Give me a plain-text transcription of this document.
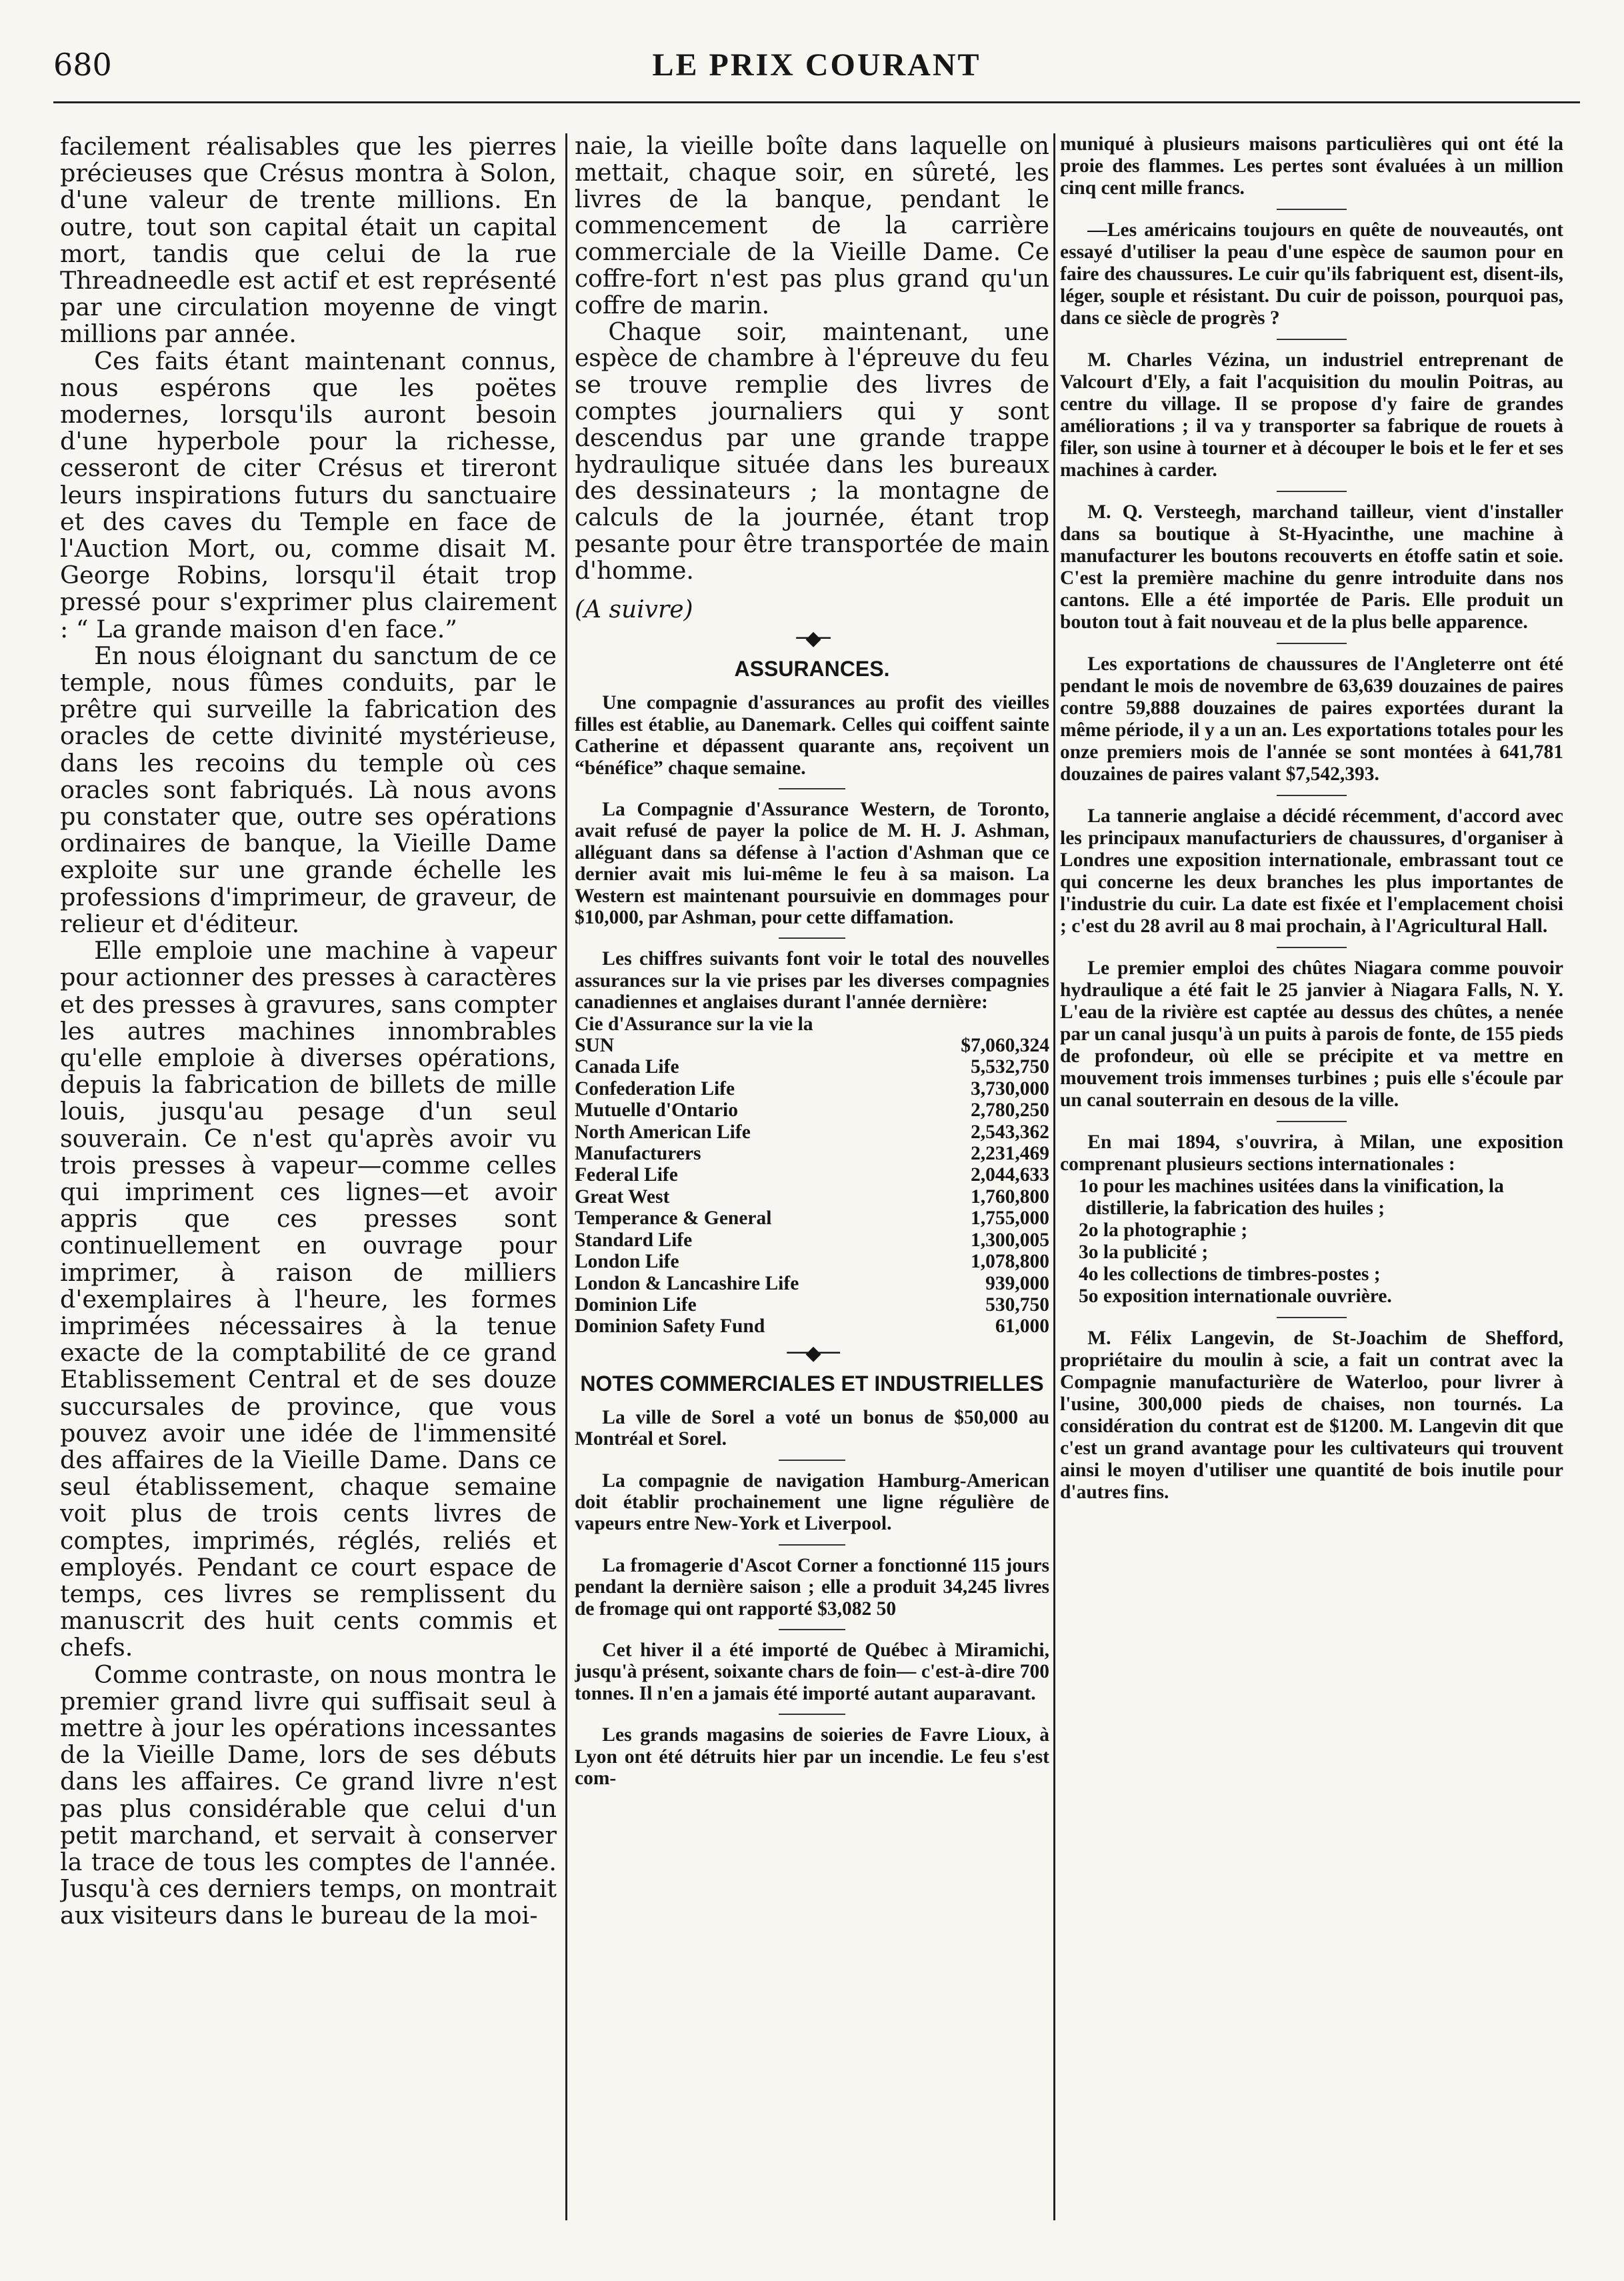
680	LE PRIX COURANT

facilement réalisables que les pierres précieuses que Crésus montra à Solon, d'une valeur de trente millions. En outre, tout son capital était un capital mort, tandis que celui de la rue Threadneedle est actif et est représenté par une circulation moyenne de vingt millions par année.

Ces faits étant maintenant connus, nous espérons que les poëtes modernes, lorsqu'ils auront besoin d'une hyperbole pour la richesse, cesseront de citer Crésus et tireront leurs inspirations futurs du sanctuaire et des caves du Temple en face de l'Auction Mort, ou, comme disait M. George Robins, lorsqu'il était trop pressé pour s'exprimer plus clairement : “ La grande maison d'en face.”

En nous éloignant du sanctum de ce temple, nous fûmes conduits, par le prêtre qui surveille la fabrication des oracles de cette divinité mystérieuse, dans les recoins du temple où ces oracles sont fabriqués. Là nous avons pu constater que, outre ses opérations ordinaires de banque, la Vieille Dame exploite sur une grande échelle les professions d'imprimeur, de graveur, de relieur et d'éditeur.

Elle emploie une machine à vapeur pour actionner des presses à caractères et des presses à gravures, sans compter les autres machines innombrables qu'elle emploie à diverses opérations, depuis la fabrication de billets de mille louis, jusqu'au pesage d'un seul souverain. Ce n'est qu'après avoir vu trois presses à vapeur—comme celles qui impriment ces lignes—et avoir appris que ces presses sont continuellement en ouvrage pour imprimer, à raison de milliers d'exemplaires à l'heure, les formes imprimées nécessaires à la tenue exacte de la comptabilité de ce grand Etablissement Central et de ses douze succursales de province, que vous pouvez avoir une idée de l'immensité des affaires de la Vieille Dame. Dans ce seul établissement, chaque semaine voit plus de trois cents livres de comptes, imprimés, réglés, reliés et employés. Pendant ce court espace de temps, ces livres se remplissent du manuscrit des huit cents commis et chefs.

Comme contraste, on nous montra le premier grand livre qui suffisait seul à mettre à jour les opérations incessantes de la Vieille Dame, lors de ses débuts dans les affaires. Ce grand livre n'est pas plus considérable que celui d'un petit marchand, et servait à conserver la trace de tous les comptes de l'année. Jusqu'à ces derniers temps, on montrait aux visiteurs dans le bureau de la moi-

naie, la vieille boîte dans laquelle on mettait, chaque soir, en sûreté, les livres de la banque, pendant le commencement de la carrière commerciale de la Vieille Dame. Ce coffre-fort n'est pas plus grand qu'un coffre de marin.

Chaque soir, maintenant, une espèce de chambre à l'épreuve du feu se trouve remplie des livres de comptes journaliers qui y sont descendus par une grande trappe hydraulique située dans les bureaux des dessinateurs ; la montagne de calculs de la journée, étant trop pesante pour être transportée de main d'homme.

(A suivre)

─◆─
ASSURANCES.

Une compagnie d'assurances au profit des vieilles filles est établie, au Danemark. Celles qui coiffent sainte Catherine et dépassent quarante ans, reçoivent un “bénéfice” chaque semaine.

La Compagnie d'Assurance Western, de Toronto, avait refusé de payer la police de M. H. J. Ashman, alléguant dans sa défense à l'action d'Ashman que ce dernier avait mis lui-même le feu à sa maison. La Western est maintenant poursuivie en dommages pour $10,000, par Ashman, pour cette diffamation.

Les chiffres suivants font voir le total des nouvelles assurances sur la vie prises par les diverses compagnies canadiennes et anglaises durant l'année dernière:

Cie d'Assurance sur la vie la

SUN	$7,060,324
Canada Life	5,532,750
Confederation Life	3,730,000
Mutuelle d'Ontario	2,780,250
North American Life	2,543,362
Manufacturers	2,231,469
Federal Life	2,044,633
Great West	1,760,800
Temperance & General	1,755,000
Standard Life	1,300,005
London Life	1,078,800
London & Lancashire Life	939,000
Dominion Life	530,750
Dominion Safety Fund	61,000
──◆──
NOTES COMMERCIALES ET INDUSTRIELLES

La ville de Sorel a voté un bonus de $50,000 au Montréal et Sorel.

La compagnie de navigation Hamburg-American doit établir prochainement une ligne régulière de vapeurs entre New-York et Liverpool.

La fromagerie d'Ascot Corner a fonctionné 115 jours pendant la dernière saison ; elle a produit 34,245 livres de fromage qui ont rapporté $3,082 50

Cet hiver il a été importé de Québec à Miramichi, jusqu'à présent, soixante chars de foin— c'est-à-dire 700 tonnes. Il n'en a jamais été importé autant auparavant.

Les grands magasins de soieries de Favre Lioux, à Lyon ont été détruits hier par un incendie. Le feu s'est com-

muniqué à plusieurs maisons particulières qui ont été la proie des flammes. Les pertes sont évaluées à un million cinq cent mille francs.

—Les américains toujours en quête de nouveautés, ont essayé d'utiliser la peau d'une espèce de saumon pour en faire des chaussures. Le cuir qu'ils fabriquent est, disent-ils, léger, souple et résistant. Du cuir de poisson, pourquoi pas, dans ce siècle de progrès ?

M. Charles Vézina, un industriel entreprenant de Valcourt d'Ely, a fait l'acquisition du moulin Poitras, au centre du village. Il se propose d'y faire de grandes améliorations ; il va y transporter sa fabrique de rouets à filer, son usine à tourner et à découper le bois et le fer et ses machines à carder.

M. Q. Versteegh, marchand tailleur, vient d'installer dans sa boutique à St-Hyacinthe, une machine à manufacturer les boutons recouverts en étoffe satin et soie. C'est la première machine du genre introduite dans nos cantons. Elle a été importée de Paris. Elle produit un bouton tout à fait nouveau et de la plus belle apparence.

Les exportations de chaussures de l'Angleterre ont été pendant le mois de novembre de 63,639 douzaines de paires contre 59,888 douzaines de paires exportées durant la même période, il y a un an. Les exportations totales pour les onze premiers mois de l'année se sont montées à 641,781 douzaines de paires valant $7,542,393.

La tannerie anglaise a décidé récemment, d'accord avec les principaux manufacturiers de chaussures, d'organiser à Londres une exposition internationale, embrassant tout ce qui concerne les deux branches les plus importantes de l'industrie du cuir. La date est fixée et l'emplacement choisi ; c'est du 28 avril au 8 mai prochain, à l'Agricultural Hall.

Le premier emploi des chûtes Niagara comme pouvoir hydraulique a été fait le 25 janvier à Niagara Falls, N. Y. L'eau de la rivière est captée au dessus des chûtes, a nenée par un canal jusqu'à un puits à parois de fonte, de 155 pieds de profondeur, où elle se précipite et va mettre en mouvement trois immenses turbines ; puis elle s'écoule par un canal souterrain en desous de la ville.

En mai 1894, s'ouvrira, à Milan, une exposition comprenant plusieurs sections internationales :

1o pour les machines usitées dans la vinification, la distillerie, la fabrication des huiles ;
2o la photographie ;
3o la publicité ;
4o les collections de timbres-postes ;
5o exposition internationale ouvrière.

M. Félix Langevin, de St-Joachim de Shefford, propriétaire du moulin à scie, a fait un contrat avec la Compagnie manufacturière de Waterloo, pour livrer à l'usine, 300,000 pieds de chaises, non tournés. La considération du contrat est de $1200. M. Langevin dit que c'est un grand avantage pour les cultivateurs qui trouvent ainsi le moyen d'utiliser une quantité de bois inutile pour d'autres fins.
